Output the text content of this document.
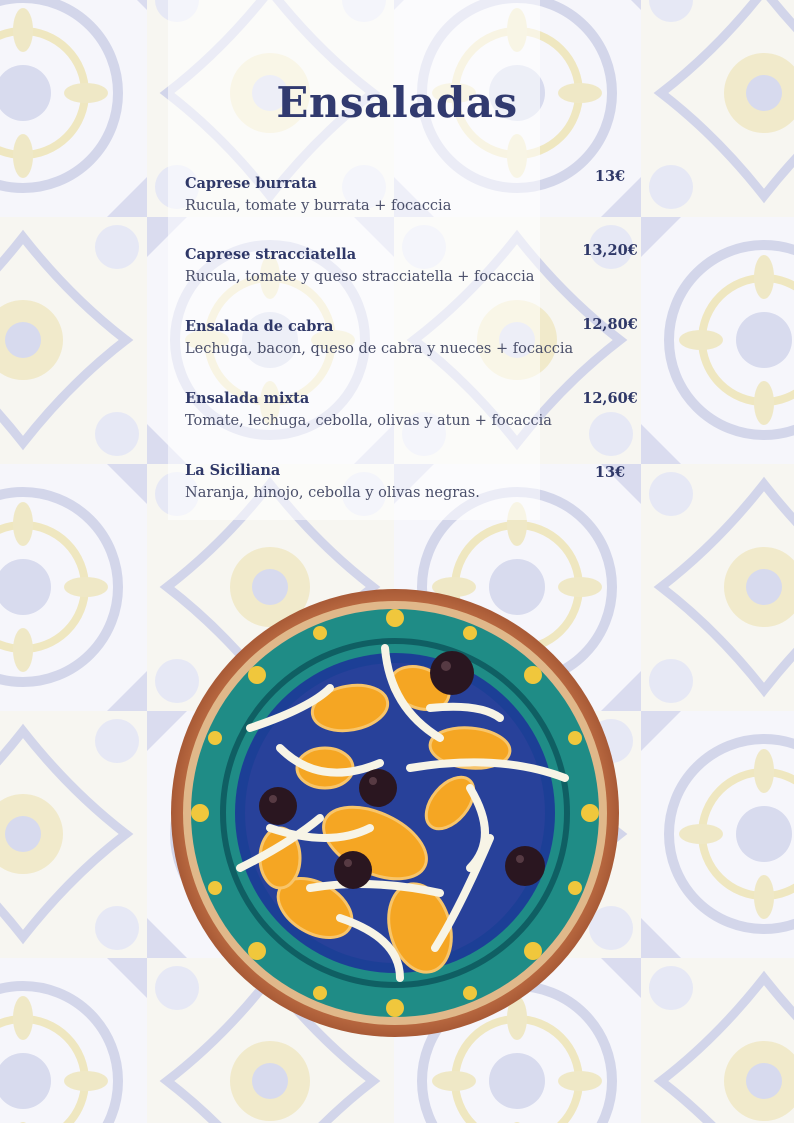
Ensaladas
Caprese burrata
Rucula, tomate y burrata + focaccia
13€
Caprese stracciatella
Rucula, tomate y queso stracciatella + focaccia
13,20€
Ensalada de cabra
Lechuga, bacon, queso de cabra y nueces + focaccia
12,80€
Ensalada mixta
Tomate, lechuga, cebolla, olivas y atun + focaccia
12,60€
La Siciliana
Naranja, hinojo, cebolla y olivas negras.
13€
